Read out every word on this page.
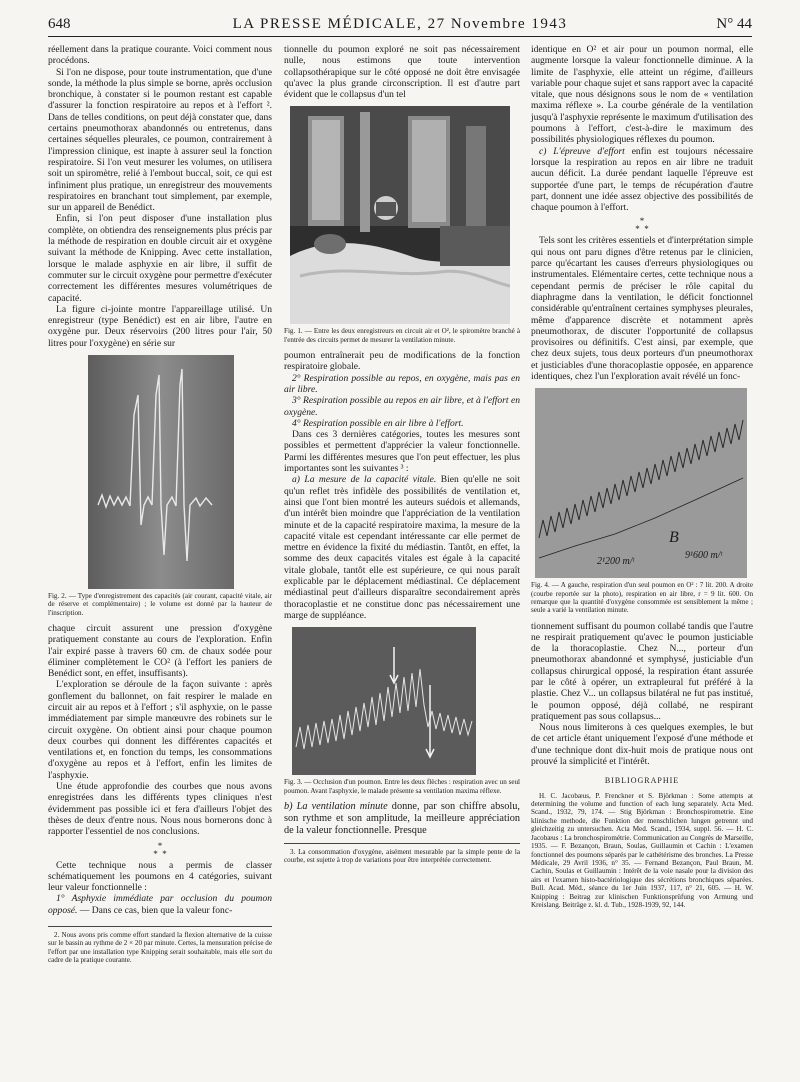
648	LA PRESSE MÉDICALE, 27 Novembre 1943	N° 44

réellement dans la pratique courante. Voici comment nous procédons.

Si l'on ne dispose, pour toute instrumentation, que d'une sonde, la méthode la plus simple se borne, après occlusion bronchique, à constater si le poumon restant est capable d'assurer la fonction respiratoire au repos et à l'effort ². Dans de telles conditions, on peut déjà constater que, dans certains pneumothorax abandonnés ou entretenus, dans certaines séquelles pleurales, ce poumon, contrairement à l'impression clinique, est inapte à assurer seul la fonction respiratoire. Si l'on veut mesurer les volumes, on utilisera soit un spiromètre, relié à l'embout buccal, soit, ce qui est infiniment plus pratique, un enregistreur des mouvements respiratoires en branchant tout simplement, par exemple, sur un appareil de Benédict.

Enfin, si l'on peut disposer d'une installation plus complète, on obtiendra des renseignements plus précis par la méthode de respiration en double circuit air et oxygène suivant la méthode de Knipping. Avec cette installation, lorsque le malade asphyxie en air libre, il suffit de commuter sur le circuit oxygène pour permettre d'exécuter correctement les différentes mesures volumétriques de capacité.

La figure ci-jointe montre l'appareillage utilisé. Un enregistreur (type Benédict) est en air libre, l'autre en oxygène pur. Deux réservoirs (200 litres pour l'air, 50 litres pour l'oxygène) en série sur

Fig. 2. — Type d'enregistrement des capacités (air courant, capacité vitale, air de réserve et complémentaire) ; le volume est donné par la hauteur de l'inscription.

chaque circuit assurent une pression d'oxygène pratiquement constante au cours de l'exploration. Enfin l'air expiré passe à travers 60 cm. de chaux sodée pour éliminer complètement le CO² (à l'effort les paniers de Benédict sont, en effet, insuffisants).

L'exploration se déroule de la façon suivante : après gonflement du ballonnet, on fait respirer le malade en circuit air au repos et à l'effort ; s'il asphyxie, on le passe immédiatement par simple manœuvre des robinets sur le circuit oxygène. On obtient ainsi pour chaque poumon deux courbes qui donnent les différentes capacités et ventilations et, en fonction du temps, les consommations d'oxygène au repos et à l'effort, enfin les limites de l'asphyxie.

Une étude approfondie des courbes que nous avons enregistrées dans les différents types cliniques n'est évidemment pas possible ici et fera d'ailleurs l'objet des thèses de deux d'entre nous. Nous nous bornerons donc à rapporter l'essentiel de nos conclusions.

*
* *

Cette technique nous a permis de classer schématiquement les poumons en 4 catégories, suivant leur valeur fonctionnelle :

1° Asphyxie immédiate par occlusion du poumon opposé. — Dans ce cas, bien que la valeur fonc-

2. Nous avons pris comme effort standard la flexion alternative de la cuisse sur le bassin au rythme de 2 × 20 par minute. Certes, la mensuration précise de l'effort par une installation type Knipping serait souhaitable, mais elle sort du cadre de la pratique courante.

tionnelle du poumon exploré ne soit pas nécessairement nulle, nous estimons que toute intervention collapsothérapique sur le côté opposé ne doit être envisagée qu'avec la plus grande circonscription. Il est d'autre part évident que le collapsus d'un tel

Fig. 1. — Entre les deux enregistreurs en circuit air et O², le spiromètre branché à l'entrée des circuits permet de mesurer la ventilation minute.

poumon entraînerait peu de modifications de la fonction respiratoire globale.

2° Respiration possible au repos, en oxygène, mais pas en air libre.

3° Respiration possible au repos en air libre, et à l'effort en oxygène.

4° Respiration possible en air libre à l'effort.

Dans ces 3 dernières catégories, toutes les mesures sont possibles et permettent d'apprécier la valeur fonctionnelle. Parmi les différentes mesures que l'on peut effectuer, les plus importantes sont les suivantes ³ :

a) La mesure de la capacité vitale. Bien qu'elle ne soit qu'un reflet très infidèle des possibilités de ventilation et, ainsi que l'ont bien montré les auteurs suédois et allemands, d'un intérêt bien moindre que l'appréciation de la ventilation minute et de la capacité respiratoire maxima, la mesure de la capacité vitale est cependant intéressante car elle permet de mettre en évidence la fixité du médiastin. Tantôt, en effet, la somme des deux capacités vitales est égale à la capacité vitale globale, tantôt elle est supérieure, ce qui nous paraît explicable par le déplacement médiastinal. Ce déplacement médiastinal peut d'ailleurs disparaître secondairement après thoracoplastie et ne constitue donc pas nécessairement une marge de suppléance.

Fig. 3. — Occlusion d'un poumon. Entre les deux flèches : respiration avec un seul poumon. Avant l'asphyxie, le malade présente sa ventilation maxima réflexe.

b) La ventilation minute donne, par son chiffre absolu, son rythme et son amplitude, la meilleure appréciation de la valeur fonctionnelle. Presque

3. La consommation d'oxygène, aisément mesurable par la simple pente de la courbe, est sujette à trop de variations pour être interprétée correctement.

identique en O² et air pour un poumon normal, elle augmente lorsque la valeur fonctionnelle diminue. A la limite de l'asphyxie, elle atteint un régime, d'ailleurs variable pour chaque sujet et sans rapport avec la capacité vitale, que nous désignons sous le nom de « ventilation maxima réflexe ». La courbe générale de la ventilation jusqu'à l'asphyxie représente le maximum d'utilisation des poumons à l'effort, c'est-à-dire le maximum des possibilités physiologiques réflexes du poumon.

c) L'épreuve d'effort enfin est toujours nécessaire lorsque la respiration au repos en air libre ne traduit aucun déficit. La durée pendant laquelle l'épreuve est supportée d'une part, le temps de récupération d'autre part, donnent une idée assez objective des possibilités de chaque poumon à l'effort.

*
* *

Tels sont les critères essentiels et d'interprétation simple qui nous ont paru dignes d'être retenus par le clinicien, parce qu'écartant les causes d'erreurs physiologiques ou instrumentales. Elémentaire certes, cette technique nous a cependant permis de préciser le rôle capital du diaphragme dans la ventilation, le déficit fonctionnel considérable qu'entraînent certaines symphyses pleurales, même d'apparence discrète et notamment après pneumothorax, de discuter l'opportunité de collapsus provisoires ou définitifs. C'est ainsi, par exemple, que chez deux sujets, tous deux porteurs d'un pneumothorax et justiciables d'une thoracoplastie opposée, en apparence identiques, chez l'un l'exploration avait révélé un fonc-

2¹200 m/ᵗ
B
9¹600 m/ᵗ
Fig. 4. — A gauche, respiration d'un seul poumon en O² : 7 lit. 200. A droite (courbe reportée sur la photo), respiration en air libre, r = 9 lit. 600. On remarque que la quantité d'oxygène consommée est sensiblement la même ; seule a varié la ventilation minute.

tionnement suffisant du poumon collabé tandis que l'autre ne respirait pratiquement qu'avec le poumon justiciable de la thoracoplastie. Chez N..., porteur d'un pneumothorax abandonné et symphysé, justiciable d'un collapsus chirurgical opposé, la respiration étant assurée par le côté à opérer, un extrapleural fut préféré à la plastie. Chez V... un collapsus bilatéral ne fut pas institué, le poumon opposé, déjà collabé, ne respirant pratiquement pas sous collapsus...

Nous nous limiterons à ces quelques exemples, le but de cet article étant uniquement l'exposé d'une méthode et d'une technique dont dix-huit mois de pratique nous ont prouvé la simplicité et l'intérêt.

BIBLIOGRAPHIE

H. C. Jacobæus, P. Frenckner et S. Björkman : Some attempts at determining the volume and function of each lung separately. Acta Med. Scand., 1932, 79, 174. — Stig Björkman : Bronchospirometrie. Eine klinische methode, die Funktion der menschlichen lungen getrennt und gleichzeitig zu untersuchen. Acta Med. Scand., 1934, suppl. 56. — H. C. Jacobæus : La bronchospirométrie. Communication au Congrès de Marseille, 1935. — F. Bezançon, Braun, Soulas, Guillaumin et Cachin : L'examen fonctionnel des poumons séparés par le cathétérisme des bronches. La Presse Médicale, 29 Avril 1936, n° 35. — Fernand Bezançon, Paul Braun, M. Cachin, Soulas et Guillaumin : Intérêt de la voie nasale pour la division des airs et l'examen histo-bactériologique des sécrétions bronchiques séparées. Bull. Acad. Méd., séance du 1er Juin 1937, 117, n° 21, 605. — H. W. Knipping : Beitrag zur klinischen Funktionsprüfung von Armung und Kreislang. Beiträge z. kl. d. Tub., 1928-1939, 92, 144.
